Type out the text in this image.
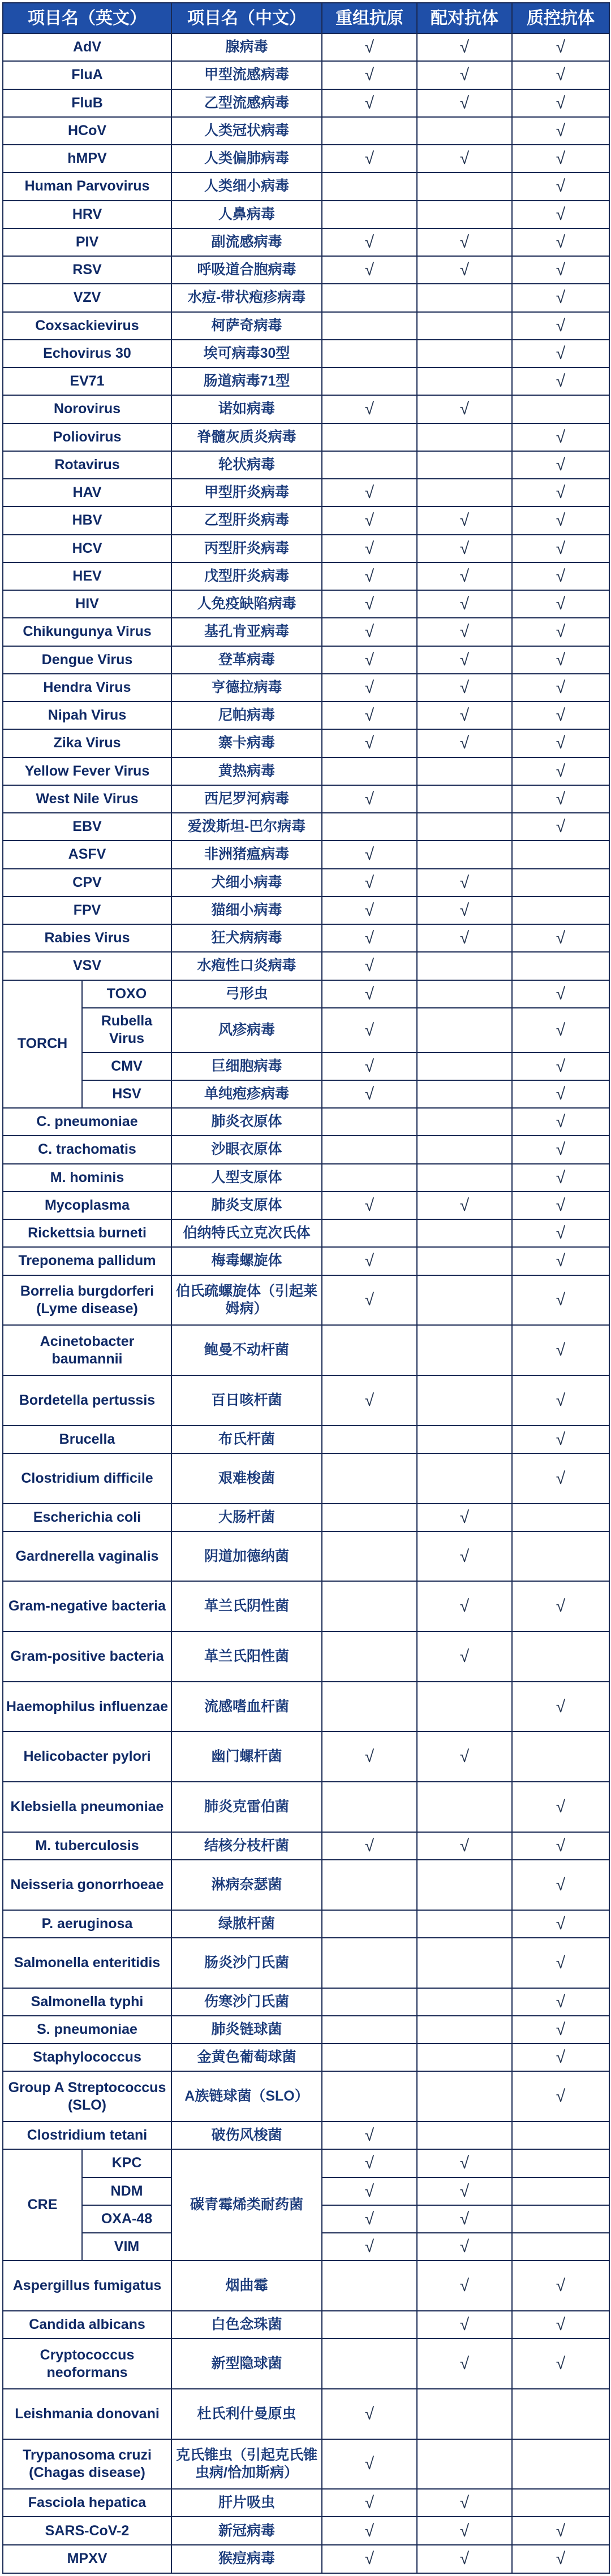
项目名（英文）		项目名（中文）	重组抗原	配对抗体	质控抗体
AdV		腺病毒	√	√	√
FluA		甲型流感病毒	√	√	√
FluB		乙型流感病毒	√	√	√
HCoV		人类冠状病毒			√
hMPV		人类偏肺病毒	√	√	√
Human Parvovirus		人类细小病毒			√
HRV		人鼻病毒			√
PIV		副流感病毒	√	√	√
RSV		呼吸道合胞病毒	√	√	√
VZV		水痘-带状疱疹病毒			√
Coxsackievirus		柯萨奇病毒			√
Echovirus 30		埃可病毒30型			√
EV71		肠道病毒71型			√
Norovirus		诺如病毒	√	√	
Poliovirus		脊髓灰质炎病毒			√
Rotavirus		轮状病毒			√
HAV		甲型肝炎病毒	√		√
HBV		乙型肝炎病毒	√	√	√
HCV		丙型肝炎病毒	√	√	√
HEV		戊型肝炎病毒	√	√	√
HIV		人免疫缺陷病毒	√	√	√
Chikungunya Virus		基孔肯亚病毒	√	√	√
Dengue Virus		登革病毒	√	√	√
Hendra Virus		亨德拉病毒	√	√	√
Nipah Virus		尼帕病毒	√	√	√
Zika Virus		寨卡病毒	√	√	√
Yellow Fever Virus		黄热病毒			√
West Nile Virus		西尼罗河病毒	√		√
EBV		爱泼斯坦-巴尔病毒			√
ASFV		非洲猪瘟病毒	√		
CPV		犬细小病毒	√	√	
FPV		猫细小病毒	√	√	
Rabies Virus		狂犬病病毒	√	√	√
VSV		水疱性口炎病毒	√		
TORCH	TOXO	弓形虫	√		√
	Rubella Virus	风疹病毒	√		√
	CMV	巨细胞病毒	√		√
	HSV	单纯疱疹病毒	√		√
C. pneumoniae		肺炎衣原体			√
C. trachomatis		沙眼衣原体			√
M. hominis		人型支原体			√
Mycoplasma		肺炎支原体	√	√	√
Rickettsia burneti		伯纳特氏立克次氏体			√
Treponema pallidum		梅毒螺旋体	√		√
Borrelia burgdorferi (Lyme disease)		伯氏疏螺旋体（引起莱姆病）	√		√
Acinetobacter baumannii		鲍曼不动杆菌			√
Bordetella pertussis		百日咳杆菌	√		√
Brucella		布氏杆菌			√
Clostridium difficile		艰难梭菌			√
Escherichia coli		大肠杆菌		√	
Gardnerella vaginalis		阴道加德纳菌		√	
Gram-negative bacteria		革兰氏阴性菌		√	√
Gram-positive bacteria		革兰氏阳性菌		√	
Haemophilus influenzae		流感嗜血杆菌			√
Helicobacter pylori		幽门螺杆菌	√	√	
Klebsiella pneumoniae		肺炎克雷伯菌			√
M. tuberculosis		结核分枝杆菌	√	√	√
Neisseria gonorrhoeae		淋病奈瑟菌			√
P. aeruginosa		绿脓杆菌			√
Salmonella enteritidis		肠炎沙门氏菌			√
Salmonella typhi		伤寒沙门氏菌			√
S. pneumoniae		肺炎链球菌			√
Staphylococcus		金黄色葡萄球菌			√
Group A Streptococcus (SLO)		A族链球菌（SLO）			√
Clostridium tetani		破伤风梭菌	√		
CRE	KPC	碳青霉烯类耐药菌	√	√	
	NDM		√	√	
	OXA-48		√	√	
	VIM		√	√	
Aspergillus fumigatus		烟曲霉		√	√
Candida albicans		白色念珠菌		√	√
Cryptococcus neoformans		新型隐球菌		√	√
Leishmania donovani		杜氏利什曼原虫	√		
Trypanosoma cruzi (Chagas disease)		克氏锥虫（引起克氏锥虫病/恰加斯病）	√		
Fasciola hepatica		肝片吸虫	√	√	
SARS-CoV-2		新冠病毒	√	√	√
MPXV		猴痘病毒	√	√	√
